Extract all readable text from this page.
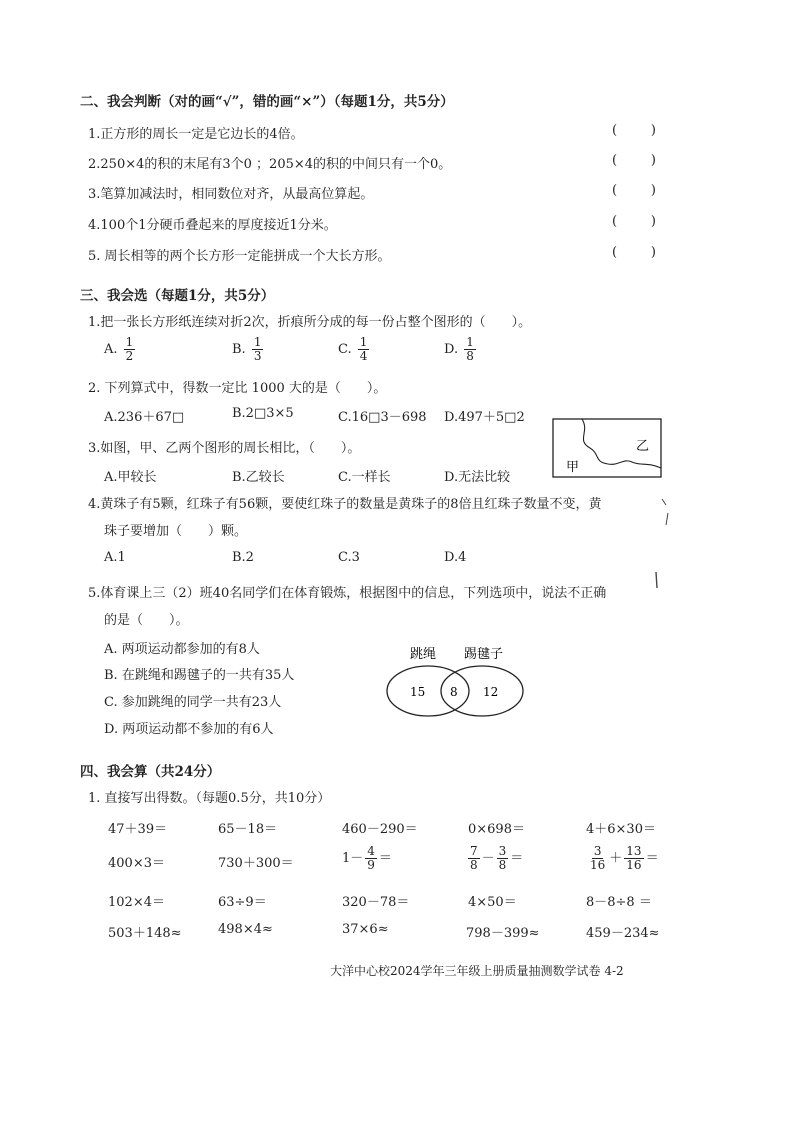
二、我会判断（对的画“√”，错的画“×”）（每题1分，共5分）
1.正方形的周长一定是它边长的4倍。	(	)
2.250×4的积的末尾有3个0 ；205×4的积的中间只有一个0。	(	)
3.笔算加减法时，相同数位对齐，从最高位算起。	(	)
4.100个1分硬币叠起来的厚度接近1分米。	(	)
5. 周长相等的两个长方形一定能拼成一个大长方形。	(	)
三、我会选（每题1分，共5分）
1.把一张长方形纸连续对折2次，折痕所分成的每一份占整个图形的（　　）。
A. $\frac{1}{2}$	B. $\frac{1}{3}$	C. $\frac{1}{4}$	D. $\frac{1}{8}$
2. 下列算式中，得数一定比 1000 大的是（　　）。
A.236＋67□	B.2□3×5	C.16□3－698 D.497＋5□2
3.如图，甲、乙两个图形的周长相比，（　　）。
A.甲较长	B.乙较长	C.一样长	D.无法比较
甲
乙
4.黄珠子有5颗，红珠子有56颗，要使红珠子的数量是黄珠子的8倍且红珠子数量不变，黄
珠子要增加（　　）颗。
A.1	B.2	C.3	D.4
5.体育课上三（2）班40名同学们在体育锻炼，根据图中的信息，下列选项中，说法不正确
的是（　　）。
A. 两项运动都参加的有8人
B. 在跳绳和踢毽子的一共有35人
C. 参加跳绳的同学一共有23人
D. 两项运动都不参加的有6人
跳绳 踢毽子
15 8 12
四、我会算（共24分）
1. 直接写出得数。（每题0.5分，共10分）
47＋39＝	65－18＝	460－290＝	0×698＝	4＋6×30＝
400×3＝	730＋300＝	$1- \frac{4}{9}$ ＝	$\frac{7}{8} - \frac{3}{8}$ ＝	$\frac{3}{16} + \frac{13}{16}$ ＝
102×4＝	63÷9＝	320－78＝	4×50＝	8－8÷8 ＝
503＋148≈	498×4≈	37×6≈	798－399≈	459－234≈
大洋中心校2024学年三年级上册质量抽测数学试卷 4-2
